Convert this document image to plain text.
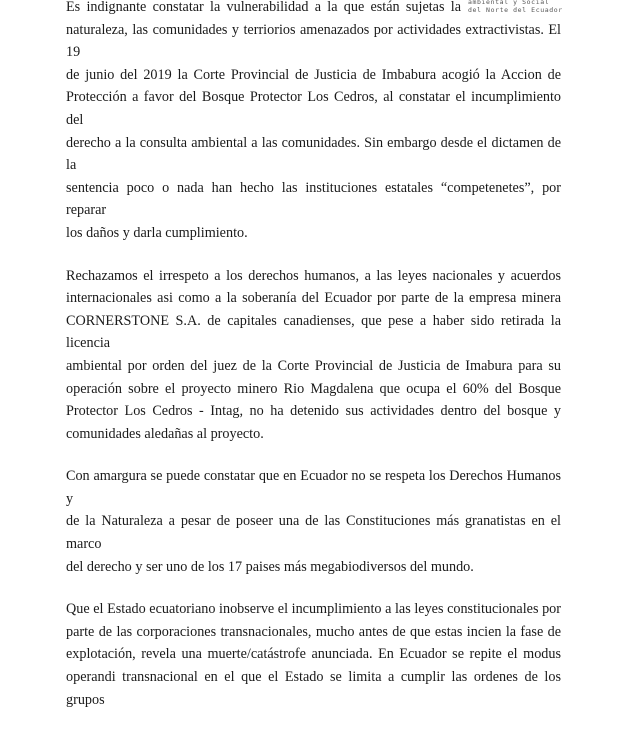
ambiental y Social
del Norte del Ecuador

Es indignante constatar la vulnerabilidad a la que están sujetas la
naturaleza, las comunidades y terriorios amenazados por actividades extractivistas. El 19
de junio del 2019 la Corte Provincial de Justicia de Imbabura acogió la Accion de
Protección a favor del Bosque Protector Los Cedros, al constatar el incumplimiento del
derecho a la consulta ambiental a las comunidades. Sin embargo desde el dictamen de la
sentencia poco o nada han hecho las instituciones estatales “competenetes”, por reparar
los daños y darla cumplimiento.

Rechazamos el irrespeto a los derechos humanos, a las leyes nacionales y acuerdos
internacionales asi como a la soberanía del Ecuador por parte de la empresa minera
CORNERSTONE S.A. de capitales canadienses, que pese a haber sido retirada la licencia
ambiental por orden del juez de la Corte Provincial de Justicia de Imabura para su
operación sobre el proyecto minero Rio Magdalena que ocupa el 60% del Bosque
Protector Los Cedros - Intag, no ha detenido sus actividades dentro del bosque y
comunidades aledañas al proyecto.

Con amargura se puede constatar que en Ecuador no se respeta los Derechos Humanos y
de la Naturaleza a pesar de poseer una de las Constituciones más granatistas en el marco
del derecho y ser uno de los 17 paises más megabiodiversos del mundo.

Que el Estado ecuatoriano inobserve el incumplimiento a las leyes constitucionales por
parte de las corporaciones transnacionales, mucho antes de que estas incien la fase de
explotación, revela una muerte/catástrofe anunciada. En Ecuador se repite el modus
operandi transnacional en el que el Estado se limita a cumplir las ordenes de los grupos
